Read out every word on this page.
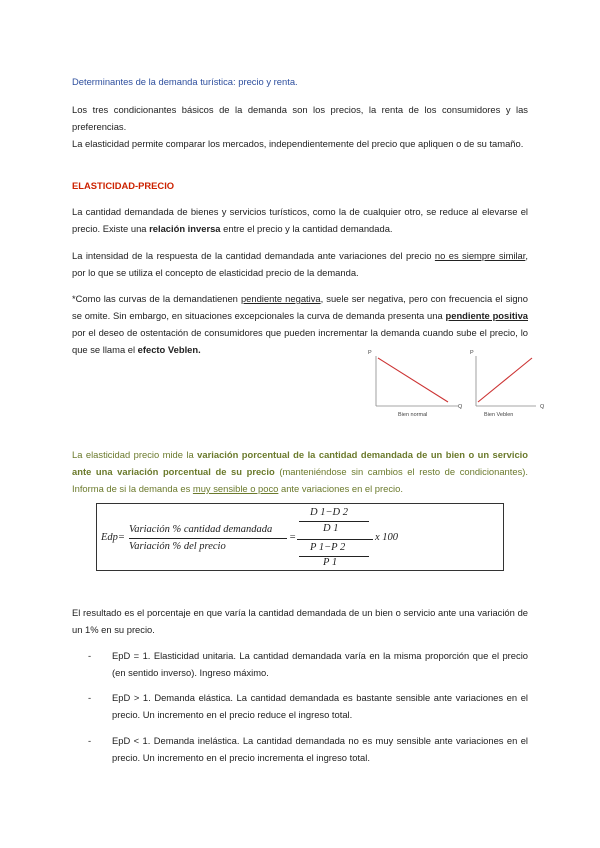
Determinantes de la demanda turística: precio y renta.
Los tres condicionantes básicos de la demanda son los precios, la renta de los consumidores y las preferencias.
La elasticidad permite comparar los mercados, independientemente del precio que apliquen o de su tamaño.
ELASTICIDAD-PRECIO
La cantidad demandada de bienes y servicios turísticos, como la de cualquier otro, se reduce al elevarse el precio. Existe una relación inversa entre el precio y la cantidad demandada.
La intensidad de la respuesta de la cantidad demandada ante variaciones del precio no es siempre similar, por lo que se utiliza el concepto de elasticidad precio de la demanda.
*Como las curvas de la demandatienen pendiente negativa, suele ser negativa, pero con frecuencia el signo se omite. Sin embargo, en situaciones excepcionales la curva de demanda presenta una pendiente positiva por el deseo de ostentación de consumidores que pueden incrementar la demanda cuando sube el precio, lo que se llama el efecto Veblen.	P
Q
Bien normal
P
Q
Bien Veblen
La elasticidad precio mide la variación porcentual de la cantidad demandada de un bien o un servicio ante una variación porcentual de su precio (manteniéndose sin cambios el resto de condicionantes). Informa de si la demanda es muy sensible o poco ante variaciones en el precio.
Edp=
Variación % cantidad demandada
Variación % del precio
=
D 1−D 2
D 1
P 1−P 2
P 1
x 100
El resultado es el porcentaje en que varía la cantidad demandada de un bien o servicio ante una variación de un 1% en su precio.
- EpD = 1. Elasticidad unitaria. La cantidad demandada varía en la misma proporción que el precio (en sentido inverso). Ingreso máximo.
- EpD > 1. Demanda elástica. La cantidad demandada es bastante sensible ante variaciones en el precio. Un incremento en el precio reduce el ingreso total.
- EpD < 1. Demanda inelástica. La cantidad demandada no es muy sensible ante variaciones en el precio. Un incremento en el precio incrementa el ingreso total.
